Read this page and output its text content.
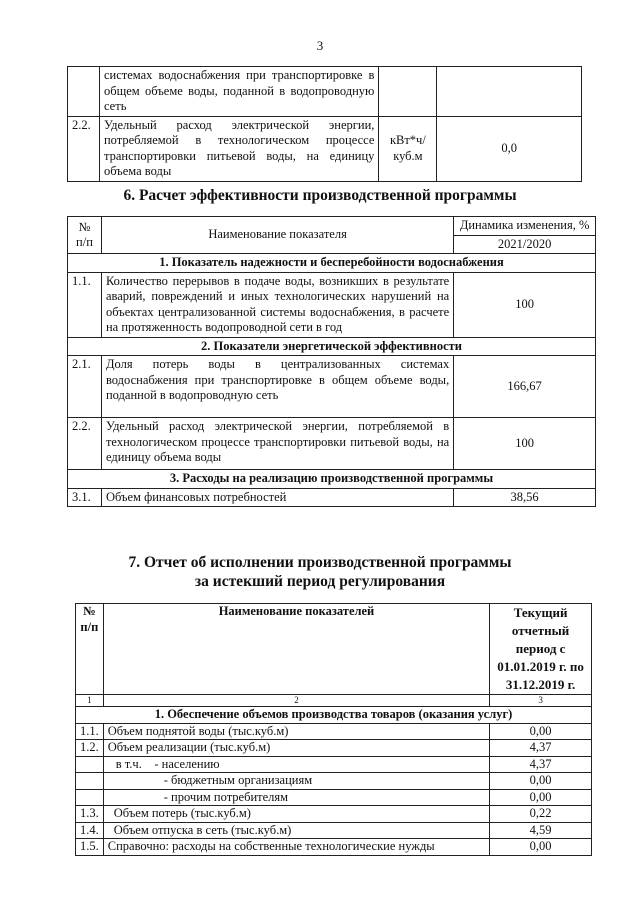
3
	системах водоснабжения при транспортировке в общем объеме воды, поданной в водопроводную сеть		
2.2.	Удельный расход электрической энергии, потребляемой в технологическом процессе транспортировки питьевой воды, на единицу объема воды	кВт*ч/ куб.м	0,0
6. Расчет эффективности производственной программы
№ п/п	Наименование показателя	Динамика изменения, %
		2021/2020
1. Показатель надежности и бесперебойности водоснабжения		
1.1.	Количество перерывов в подаче воды, возникших в результате аварий, повреждений и иных технологических нарушений на объектах централизованной системы водоснабжения, в расчете на протяженность водопроводной сети в год	100
2. Показатели энергетической эффективности		
2.1.	Доля потерь воды в централизованных системах водоснабжения при транспортировке в общем объеме воды, поданной в водопроводную сеть	166,67
2.2.	Удельный расход электрической энергии, потребляемой в технологическом процессе транспортировки питьевой воды, на единицу объема воды	100
3. Расходы на реализацию производственной программы		
3.1.	Объем финансовых потребностей	38,56
7. Отчет об исполнении производственной программы
за истекший период регулирования
№ п/п	Наименование показателей	Текущий отчетный период с 01.01.2019 г. по 31.12.2019 г.
1	2	3
1. Обеспечение объемов производства товаров (оказания услуг)		
1.1.	Объем поднятой воды (тыс.куб.м)	0,00
1.2.	Объем реализации (тыс.куб.м)	4,37
	в т.ч.    - населению	4,37
	- бюджетным организациям	0,00
	- прочим потребителям	0,00
1.3.	Объем потерь (тыс.куб.м)	0,22
1.4.	Объем отпуска в сеть (тыс.куб.м)	4,59
1.5.	Справочно: расходы на собственные технологические нужды	0,00
